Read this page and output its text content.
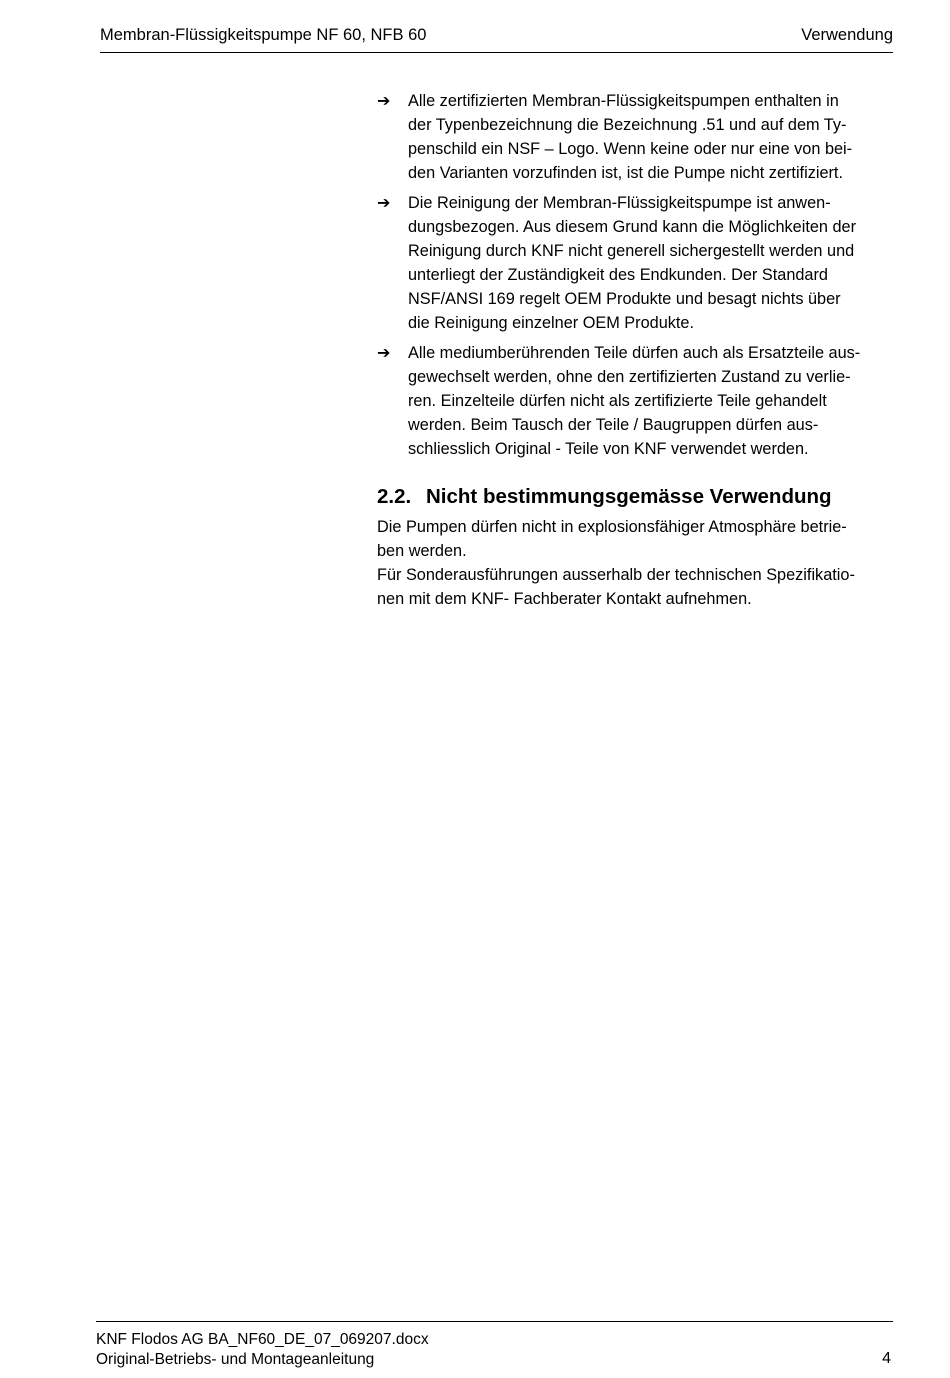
Membran-Flüssigkeitspumpe NF 60, NFB 60	Verwendung
➔ Alle zertifizierten Membran-Flüssigkeitspumpen enthalten in
der Typenbezeichnung die Bezeichnung .51 und auf dem Ty-
penschild ein NSF – Logo. Wenn keine oder nur eine von bei-
den Varianten vorzufinden ist, ist die Pumpe nicht zertifiziert.

➔ Die Reinigung der Membran-Flüssigkeitspumpe ist anwen-
dungsbezogen. Aus diesem Grund kann die Möglichkeiten der
Reinigung durch KNF nicht generell sichergestellt werden und
unterliegt der Zuständigkeit des Endkunden. Der Standard
NSF/ANSI 169 regelt OEM Produkte und besagt nichts über
die Reinigung einzelner OEM Produkte.

➔ Alle mediumberührenden Teile dürfen auch als Ersatzteile aus-
gewechselt werden, ohne den zertifizierten Zustand zu verlie-
ren. Einzelteile dürfen nicht als zertifizierte Teile gehandelt
werden. Beim Tausch der Teile / Baugruppen dürfen aus-
schliesslich Original - Teile von KNF verwendet werden.

2.2. Nicht bestimmungsgemässe Verwendung

Die Pumpen dürfen nicht in explosionsfähiger Atmosphäre betrie-
ben werden.
Für Sonderausführungen ausserhalb der technischen Spezifikatio-
nen mit dem KNF- Fachberater Kontakt aufnehmen.

KNF Flodos AG BA_NF60_DE_07_069207.docx
Original-Betriebs- und Montageanleitung	4
